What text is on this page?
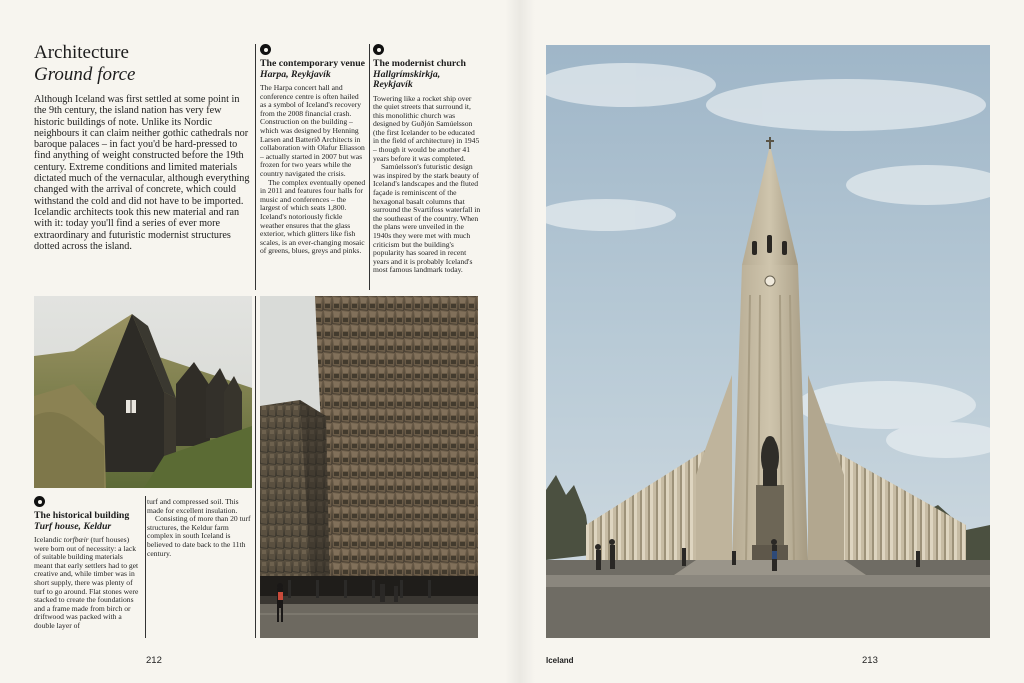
Architecture
Ground force

Although Iceland was first settled at some point in the 9th century, the island nation has very few historic buildings of note. Unlike its Nordic neighbours it can claim neither gothic cathedrals nor baroque palaces – in fact you'd be hard-pressed to find anything of weight constructed before the 19th century. Extreme conditions and limited materials dictated much of the vernacular, although everything changed with the arrival of concrete, which could withstand the cold and did not have to be imported. Icelandic architects took this new material and ran with it: today you'll find a series of ever more extraordinary and futuristic modernist structures dotted across the island.

The contemporary venue
Harpa, Reykjavík

The Harpa concert hall and conference centre is often hailed as a symbol of Iceland's recovery from the 2008 financial crash. Construction on the building – which was designed by Henning Larsen and Batteríð Architects in collaboration with Olafur Eliasson – actually started in 2007 but was frozen for two years while the country navigated the crisis.

The complex eventually opened in 2011 and features four halls for music and conferences – the largest of which seats 1,800. Iceland's notoriously fickle weather ensures that the glass exterior, which glitters like fish scales, is an ever-changing mosaic of greens, blues, greys and pinks.

The modernist church
Hallgrímskirkja, Reykjavík

Towering like a rocket ship over the quiet streets that surround it, this monolithic church was designed by Guðjón Samúelsson (the first Icelander to be educated in the field of architecture) in 1945 – though it would be another 41 years before it was completed.

Samúelsson's futuristic design was inspired by the stark beauty of Iceland's landscapes and the fluted façade is reminiscent of the hexagonal basalt columns that surround the Svartifoss waterfall in the southeast of the country. When the plans were unveiled in the 1940s they were met with much criticism but the building's popularity has soared in recent years and it is probably Iceland's most famous landmark today.

The historical building
Turf house, Keldur

Icelandic torfbæir (turf houses) were born out of necessity: a lack of suitable building materials meant that early settlers had to get creative and, while timber was in short supply, there was plenty of turf to go around. Flat stones were stacked to create the foundations and a frame made from birch or driftwood was packed with a double layer of

turf and compressed soil. This made for excellent insulation.

Consisting of more than 20 turf structures, the Keldur farm complex in south Iceland is believed to date back to the 11th century.

212	Iceland	213
